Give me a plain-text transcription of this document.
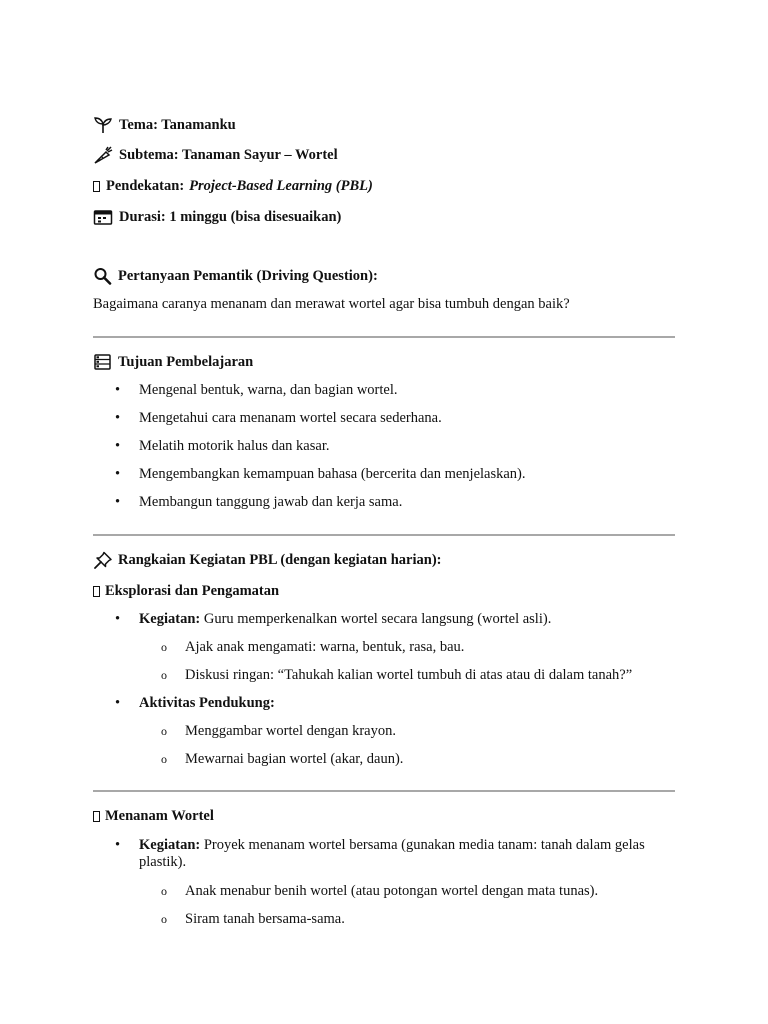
Tema: Tanamanku
Subtema: Tanaman Sayur – Wortel
Pendekatan: Project-Based Learning (PBL)
Durasi: 1 minggu (bisa disesuaikan)
Pertanyaan Pemantik (Driving Question):
Bagaimana caranya menanam dan merawat wortel agar bisa tumbuh dengan baik?
Tujuan Pembelajaran
• Mengenal bentuk, warna, dan bagian wortel.
• Mengetahui cara menanam wortel secara sederhana.
• Melatih motorik halus dan kasar.
• Mengembangkan kemampuan bahasa (bercerita dan menjelaskan).
• Membangun tanggung jawab dan kerja sama.
Rangkaian Kegiatan PBL (dengan kegiatan harian):
Eksplorasi dan Pengamatan
• Kegiatan: Guru memperkenalkan wortel secara langsung (wortel asli).
o Ajak anak mengamati: warna, bentuk, rasa, bau.
o Diskusi ringan: “Tahukah kalian wortel tumbuh di atas atau di dalam tanah?”
• Aktivitas Pendukung:
o Menggambar wortel dengan krayon.
o Mewarnai bagian wortel (akar, daun).
Menanam Wortel
• Kegiatan: Proyek menanam wortel bersama (gunakan media tanam: tanah dalam gelas plastik).
o Anak menabur benih wortel (atau potongan wortel dengan mata tunas).
o Siram tanah bersama-sama.
